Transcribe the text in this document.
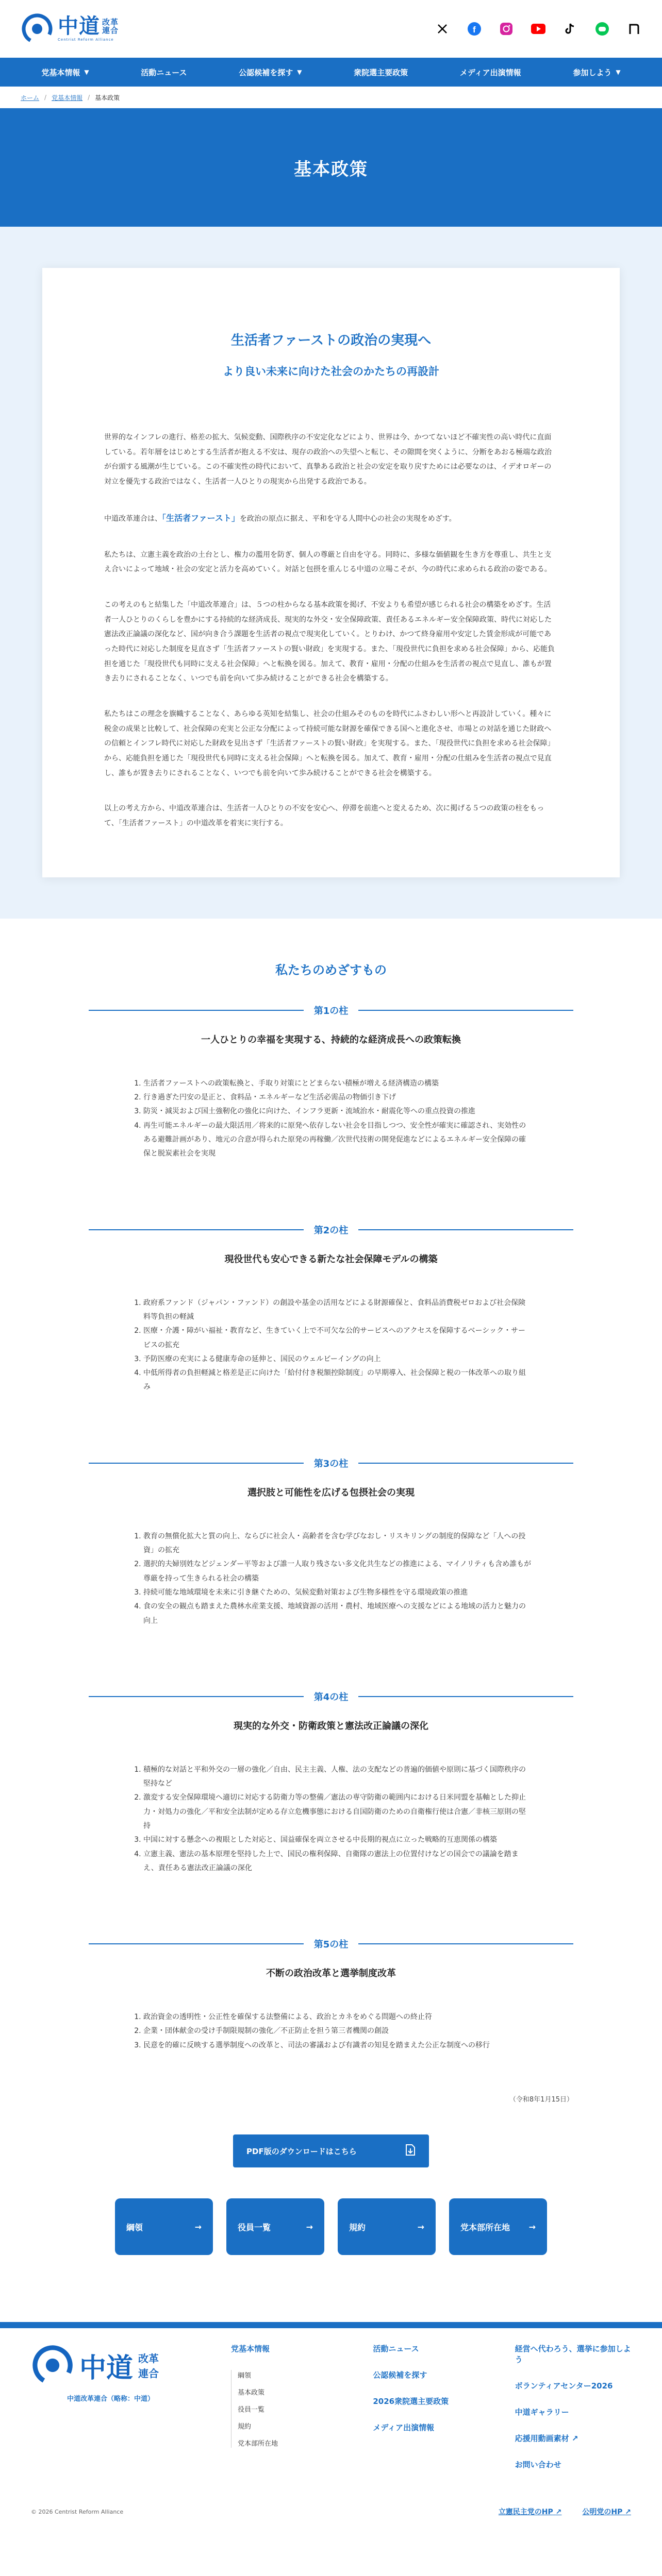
中道 改革
連合
Centrist Reform Alliance
f
党基本情報 ▼	活動ニュース	公認候補を探す ▼	衆院選主要政策	メディア出演情報	参加しよう ▼
ホーム / 党基本情報 / 基本政策
基本政策
生活者ファーストの政治の実現へ
より良い未来に向けた社会のかたちの再設計

世界的なインフレの進行、格差の拡大、気候変動、国際秩序の不安定化などにより、世界は今、かつてないほど不確実性の高い時代に直面している。若年層をはじめとする生活者が抱える不安は、現存の政治への失望へと転じ、その隙間を突くように、分断をあおる極端な政治が台頭する風潮が生じている。この不確実性の時代において、真摯ある政治と社会の安定を取り戻すためには必要なのは、イデオロギーの対立を優先する政治ではなく、生活者一人ひとりの現実から出発する政治である。

中道改革連合は、「生活者ファースト」を政治の原点に据え、平和を守る人間中心の社会の実現をめざす。

私たちは、立憲主義を政治の土台とし、権力の濫用を防ぎ、個人の尊厳と自由を守る。同時に、多様な価値観を生き方を尊重し、共生と支え合いによって地域・社会の安定と活力を高めていく。対話と包摂を重んじる中道の立場こそが、今の時代に求められる政治の姿である。

この考えのもと結集した「中道改革連合」は、５つの柱からなる基本政策を掲げ、不安よりも希望が感じられる社会の構築をめざす。生活者一人ひとりのくらしを豊かにする持続的な経済成長、現実的な外交・安全保障政策、責任あるエネルギー安全保障政策、時代に対応した憲法改正論議の深化など、国が向き合う課題を生活者の視点で現実化していく。とりわけ、かつて終身雇用や安定した賃金形成が可能であった時代に対応した制度を見直さず「生活者ファーストの賢い財政」を実現する。また、「現役世代に負担を求める社会保障」から、応能負担を通じた「現役世代も同時に支える社会保障」へと転換を図る。加えて、教育・雇用・分配の仕組みを生活者の視点で見直し、誰もが置き去りにされることなく、いつでも前を向いて歩み続けることができる社会を構築する。

私たちはこの理念を旗幟することなく、あらゆる英知を結集し、社会の仕組みそのものを時代にふさわしい形へと再設計していく。種々に税金の成果と比較して、社会保障の充実と公正な分配によって持続可能な財源を確保できる国へと進化させ、市場との対話を通じた財政への信頼とインフレ時代に対応した財政を見出さず「生活者ファーストの賢い財政」を実現する。また、「現役世代に負担を求める社会保障」から、応能負担を通じた「現役世代も同時に支える社会保障」へと転換を図る。加えて、教育・雇用・分配の仕組みを生活者の視点で見直し、誰もが置き去りにされることなく、いつでも前を向いて歩み続けることができる社会を構築する。

以上の考え方から、中道改革連合は、生活者一人ひとりの不安を安心へ、停滞を前進へと変えるため、次に掲げる５つの政策の柱をもって、「生活者ファースト」の中道改革を着実に実行する。

私たちのめざすもの
第1の柱
一人ひとりの幸福を実現する、持続的な経済成長への政策転換
1. 生活者ファーストへの政策転換と、手取り対策にとどまらない積極が増える経済構造の構築
2. 行き過ぎた円安の是正と、食料品・エネルギーなど生活必需品の物価引き下げ
3. 防災・減災および国土強靭化の強化に向けた、インフラ更新・流域治水・耐震化等への重点投資の推進
4. 再生可能エネルギーの最大限活用／将来的に原発へ依存しない社会を目指しつつ、安全性が確実に確認され、実効性のある避難計画があり、地元の合意が得られた原発の再稼働／次世代技術の開発促進などによるエネルギー安全保障の確保と脱炭素社会を実現
第2の柱
現役世代も安心できる新たな社会保障モデルの構築
1. 政府系ファンド（ジャパン・ファンド）の創設や基金の活用などによる財源確保と、食料品消費税ゼロおよび社会保険料等負担の軽減
2. 医療・介護・障がい福祉・教育など、生きていく上で不可欠な公的サービスへのアクセスを保障するベーシック・サービスの拡充
3. 予防医療の充実による健康寿命の延伸と、国民のウェルビーイングの向上
4. 中低所得者の負担軽減と格差是正に向けた「給付付き税額控除制度」の早期導入、社会保障と税の一体改革への取り組み
第3の柱
選択肢と可能性を広げる包摂社会の実現
1. 教育の無償化拡大と質の向上、ならびに社会人・高齢者を含む学びなおし・リスキリングの制度的保障など「人への投資」の拡充
2. 選択的夫婦別姓などジェンダー平等および誰一人取り残さない多文化共生などの推進による、マイノリティも含め誰もが尊厳を持って生きられる社会の構築
3. 持続可能な地域環境を未来に引き継ぐための、気候変動対策および生物多様性を守る環境政策の推進
4. 食の安全の観点も踏まえた農林水産業支援、地域資源の活用・農村、地域医療への支援などによる地域の活力と魅力の向上
第4の柱
現実的な外交・防衛政策と憲法改正論議の深化
1. 積極的な対話と平和外交の一層の強化／自由、民主主義、人権、法の支配などの普遍的価値や原則に基づく国際秩序の堅持など
2. 激変する安全保障環境へ適切に対応する防衛力等の整備／憲法の専守防衛の範囲内における日米同盟を基軸とした抑止力・対処力の強化／平和安全法制が定める存立危機事態における自国防衛のための自衛権行使は合憲／非核三原則の堅持
3. 中国に対する懸念への複眼とした対応と、国益確保を両立させる中長期的視点に立った戦略的互恵関係の構築
4. 立憲主義、憲法の基本原理を堅持した上で、国民の権利保障、自衛隊の憲法上の位置付けなどの国会での議論を踏まえ、責任ある憲法改正論議の深化
第5の柱
不断の政治改革と選挙制度改革
1. 政治資金の透明性・公正性を確保する法整備による、政治とカネをめぐる問題への終止符
2. 企業・団体献金の受け手制限規制の強化／不正防止を担う第三者機関の創設
3. 民意を的確に反映する選挙制度への改革と、司法の審議および有識者の知見を踏まえた公正な制度への移行
（令和8年1月15日）
PDF版のダウンロードはこちら
綱領	→	役員一覧	→	規約	→	党本部所在地 →
中道 改革
連合
中道改革連合（略称：中道）
党基本情報
綱領
基本政策
役員一覧
規約
党本部所在地
活動ニュース
公認候補を探す
2026衆院選主要政策
メディア出演情報
経営へ代わろう、選挙に参加しよう
ボランティアセンター2026
中道ギャラリー
応援用動画素材 ↗
お問い合わせ
© 2026 Centrist Reform Alliance	立憲民主党のHP ↗	公明党のHP ↗
